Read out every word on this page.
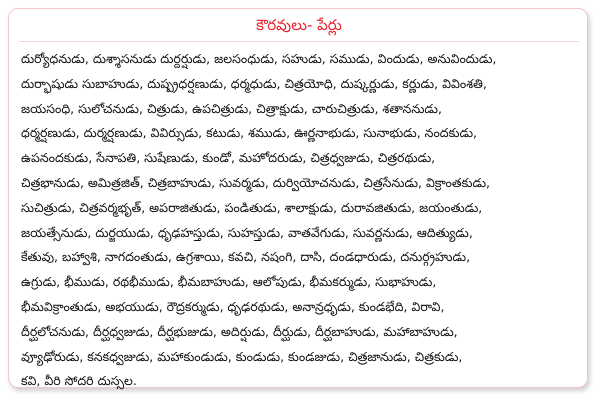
కౌరవులు- పేర్లు
దుర్యోధనుడు, దుశ్శాసనుడు దుర్దర్షుడు, జలసంధుడు, సహుడు, సముడు, విందుడు, అనువిందుడు,
దుర్భాషుడు సుబాహుడు, దుష్ప్రధర్షణుడు, ధర్మధుడు, చిత్రయోధి, దుష్కర్ణుడు, కర్ణుడు, వివింశతి,
జయసంధి, సులోచనుడు, చిత్రుడు, ఉపచిత్రుడు, చిత్రాక్షుడు, చారుచిత్రుడు, శతాననుడు,
ధర్మర్షణుడు, దుర్మర్షణుడు, వివిర్సుడు, కటుడు, శముడు, ఊర్ణనాభుడు, సునాభుడు, నందకుడు,
ఉపనందకుడు, సేనాపతి, సుషేణుడు, కుండో, మహోదరుడు, చిత్రధ్వజుడు, చిత్రరథుడు,
చిత్రభానుడు, అమిత్రజిత్, చిత్రబాహుడు, సువర్మడు, దుర్వియోచనుడు, చిత్రసేనుడు, విక్రాంతకుడు,
సుచిత్రుడు, చిత్రవర్మభృత్, అపరాజితుడు, పండితుడు, శాలాక్షుడు, దురావజితుడు, జయంతుడు,
జయత్సేనుడు, దుర్జయుడు, ధృఢహస్తుడు, సుహస్తుడు, వాతవేగుడు, సువర్ణనుడు, ఆదిత్యుడు,
కేతువు, బహ్వాశి, నాగదంతుడు, ఉగ్రశాయి, కవచి, నషంగి, దాసి, దండధారుడు, దనుర్గ్రహుడు,
ఉగ్రుడు, భీముడు, రథభీముడు, భీమబాహుడు, ఆలోపుడు, భీమకర్ముడు, సుభాహుడు,
భీమవిక్రాంతుడు, అభయుడు, రౌద్రకర్ముడు, ధృఢరథుడు, అనాన్రధృడు, కుండభేది, విరావి,
దీర్ఘలోచనుడు, దీర్ఘధ్వజుడు, దీర్ఘభుజుడు, అదిర్షుడు, దీర్ఘుడు, దీర్ఘబాహుడు, మహాబాహుడు,
వ్యూఢోరుడు, కనకధ్వజుడు, మహాకుండుడు, కుండుడు, కుండజుడు, చిత్రజానుడు, చిత్రకుడు,
కవి, వీరి సోదరి దుస్సల.
